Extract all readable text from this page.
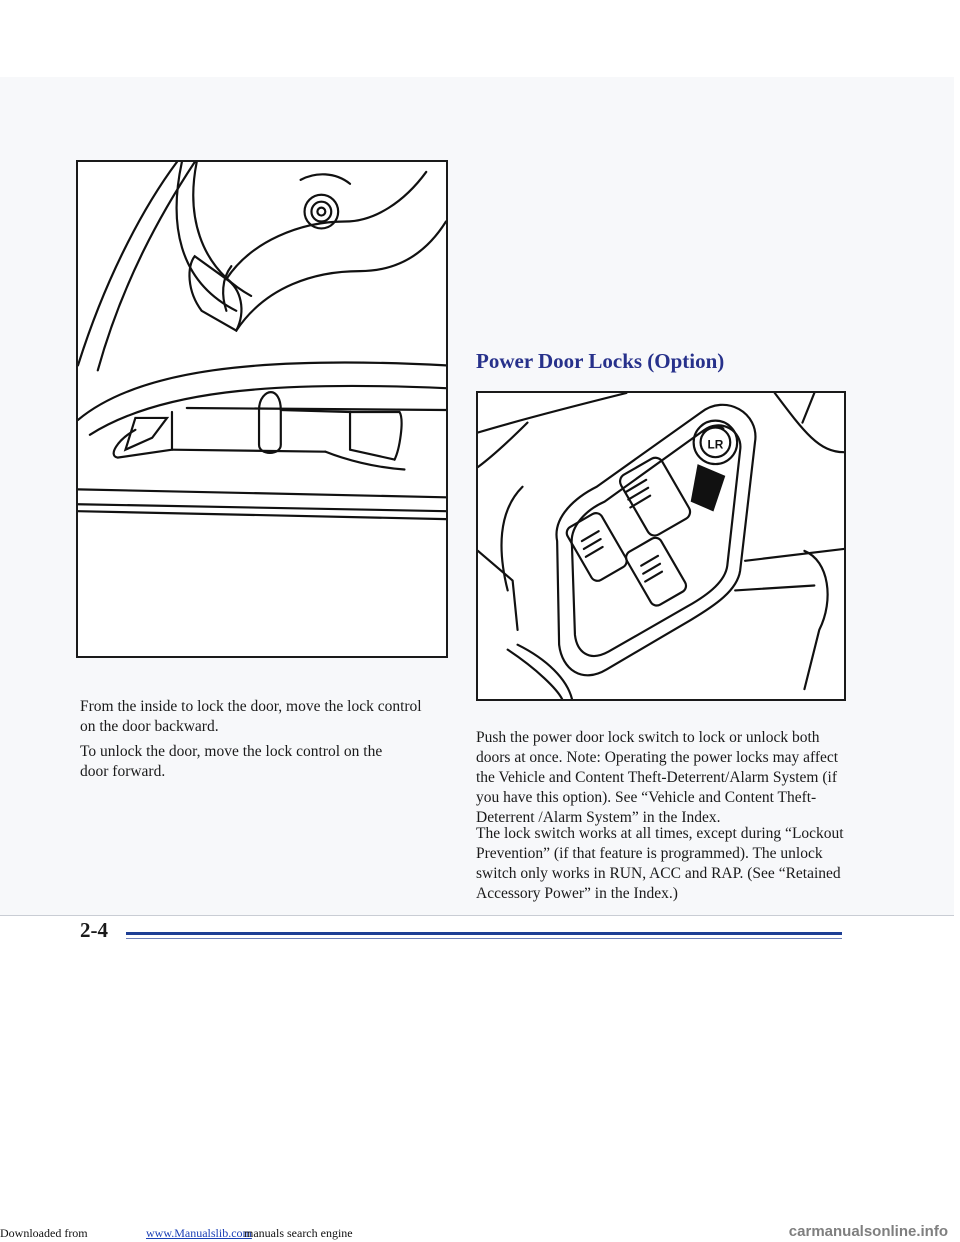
Power Door Locks (Option)
LR

From the inside to lock the door, move the lock control on the door backward.

To unlock the door, move the lock control on the door forward.

Push the power door lock switch to lock or unlock both doors at once. Note: Operating the power locks may affect the Vehicle and Content Theft-Deterrent/Alarm System (if you have this option). See “Vehicle and Content Theft-Deterrent /Alarm System” in the Index.

The lock switch works at all times, except during “Lockout Prevention” (if that feature is programmed). The unlock switch only works in RUN, ACC and RAP. (See “Retained Accessory Power” in the Index.)

2-4
Downloaded from	www.Manualslib.com
manuals search engine	carmanualsonline.info
